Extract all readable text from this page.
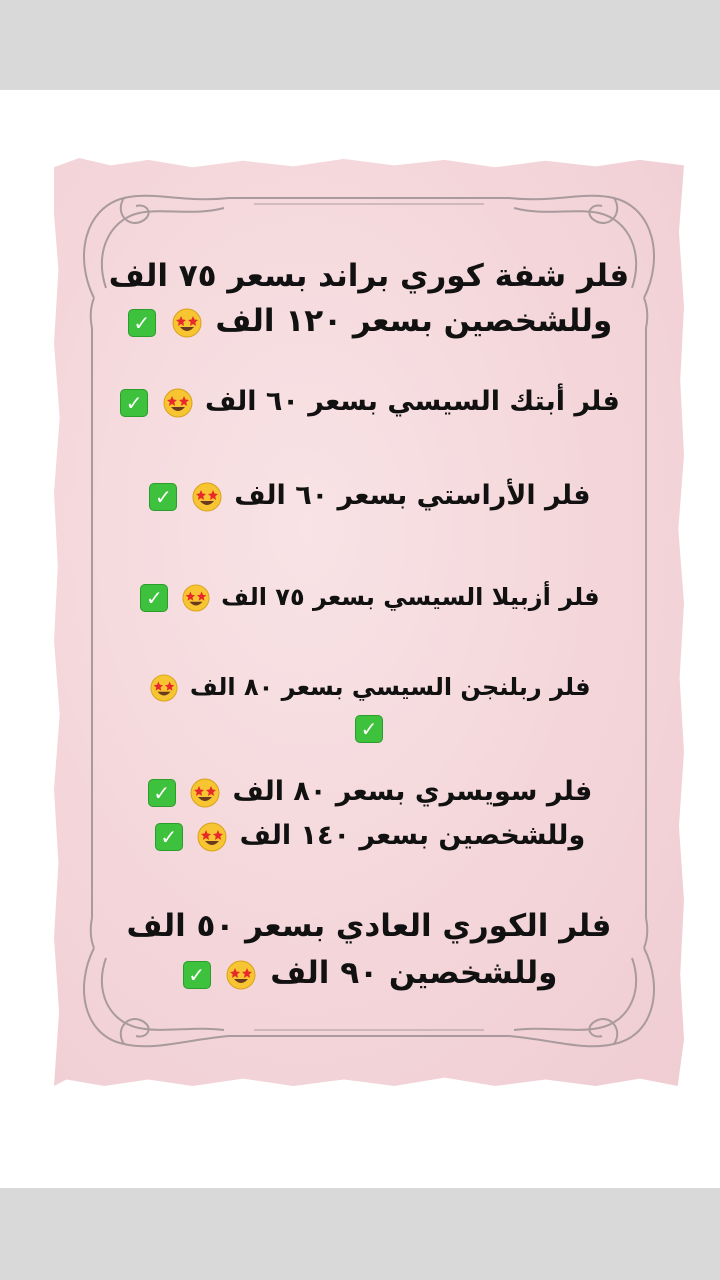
فلر شفة كوري براند بسعر ٧٥ الف
وللشخصين بسعر ١٢٠ الف  ✓
فلر أبتك السيسي بسعر ٦٠ الف  ✓
فلر الأراستي بسعر ٦٠ الف  ✓
فلر أزبيلا السيسي بسعر ٧٥ الف  ✓
فلر ربلنجن السيسي بسعر ٨٠ الف
✓
فلر سويسري بسعر ٨٠ الف  ✓
وللشخصين بسعر ١٤٠ الف  ✓
فلر الكوري العادي بسعر ٥٠ الف
وللشخصين ٩٠ الف  ✓
